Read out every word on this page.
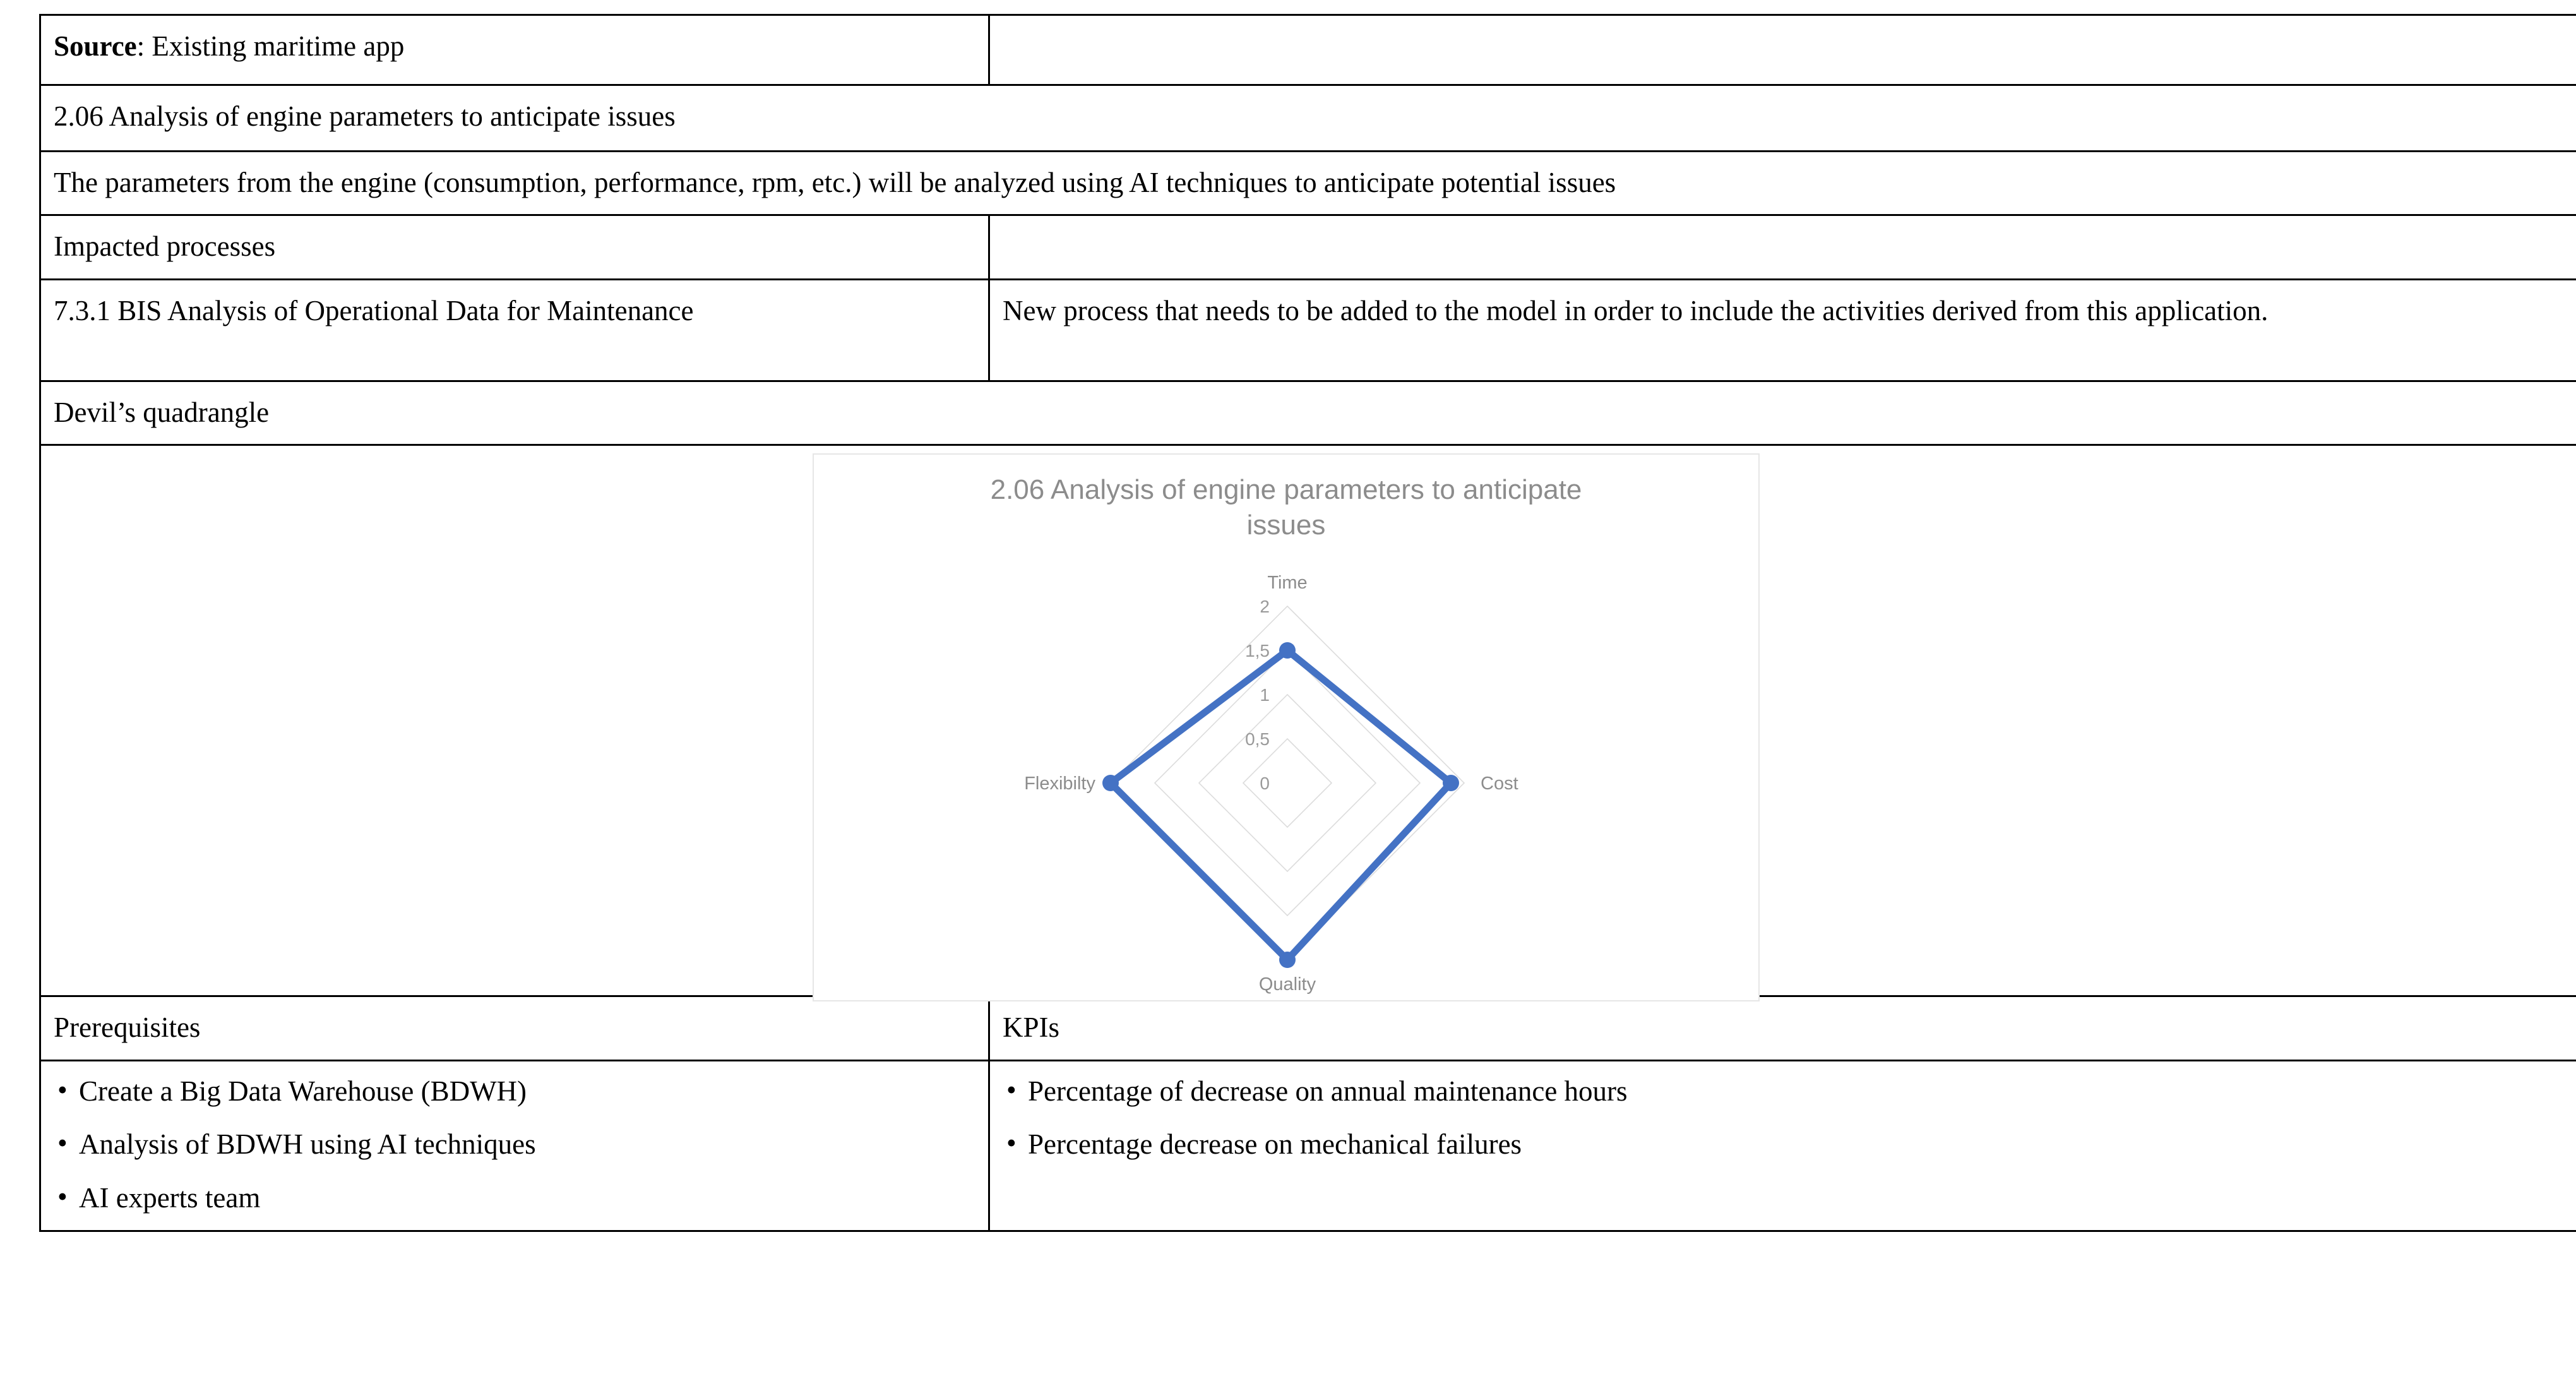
Source: Existing maritime app	
2.06 Analysis of engine parameters to anticipate issues	
The parameters from the engine (consumption, performance, rpm, etc.) will be analyzed using AI techniques to anticipate potential issues	
Impacted processes	
7.3.1 BIS Analysis of Operational Data for Maintenance	New process that needs to be added to the model in order to include the activities derived from this application.
Devil’s quadrangle	

2.06 Analysis of engine parameters to anticipate issues
2
1,5
1
0,5
0
Time
Cost
Quality
Flexibilty

Prerequisites	KPIs

• Create a Big Data Warehouse (BDWH)
• Analysis of BDWH using AI techniques
• AI experts team

• Percentage of decrease on annual maintenance hours
• Percentage decrease on mechanical failures
